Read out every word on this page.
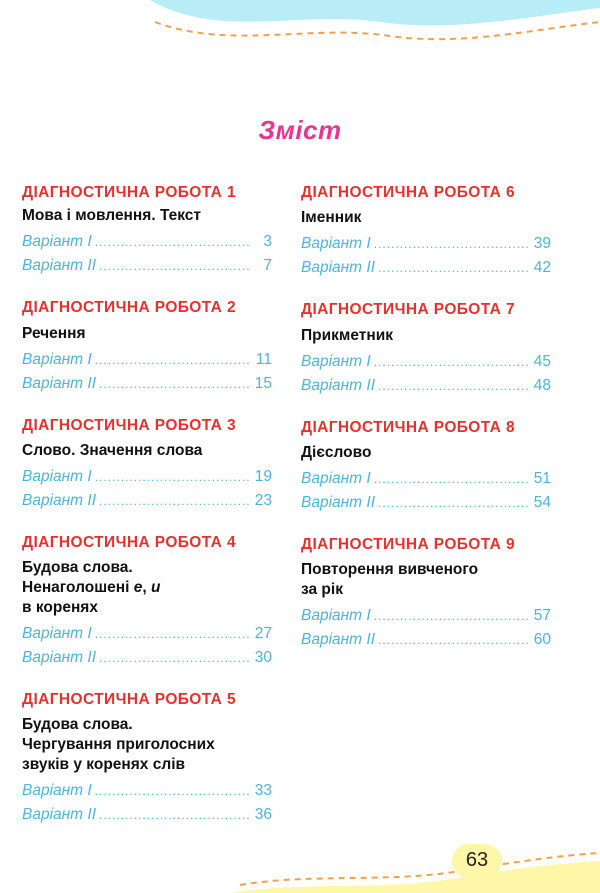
Зміст
ДІАГНОСТИЧНА РОБОТА 1
Мова і мовлення. Текст
Варіант I .....	3
Варіант II .....	7
ДІАГНОСТИЧНА РОБОТА 2
Речення
Варіант I .....	11
Варіант II .....	15
ДІАГНОСТИЧНА РОБОТА 3
Слово. Значення слова
Варіант I .....	19
Варіант II .....	23
ДІАГНОСТИЧНА РОБОТА 4
Будова слова.
Ненаголошені е, и
в коренях
Варіант I .....	27
Варіант II .....	30
ДІАГНОСТИЧНА РОБОТА 5
Будова слова.
Чергування приголосних
звуків у коренях слів
Варіант I .....	33
Варіант II .....	36
ДІАГНОСТИЧНА РОБОТА 6
Іменник
Варіант I .....	39
Варіант II .....	42
ДІАГНОСТИЧНА РОБОТА 7
Прикметник
Варіант I .....	45
Варіант II .....	48
ДІАГНОСТИЧНА РОБОТА 8
Дієслово
Варіант I .....	51
Варіант II .....	54
ДІАГНОСТИЧНА РОБОТА 9
Повторення вивченого
за рік
Варіант I .....	57
Варіант II .....	60
63
